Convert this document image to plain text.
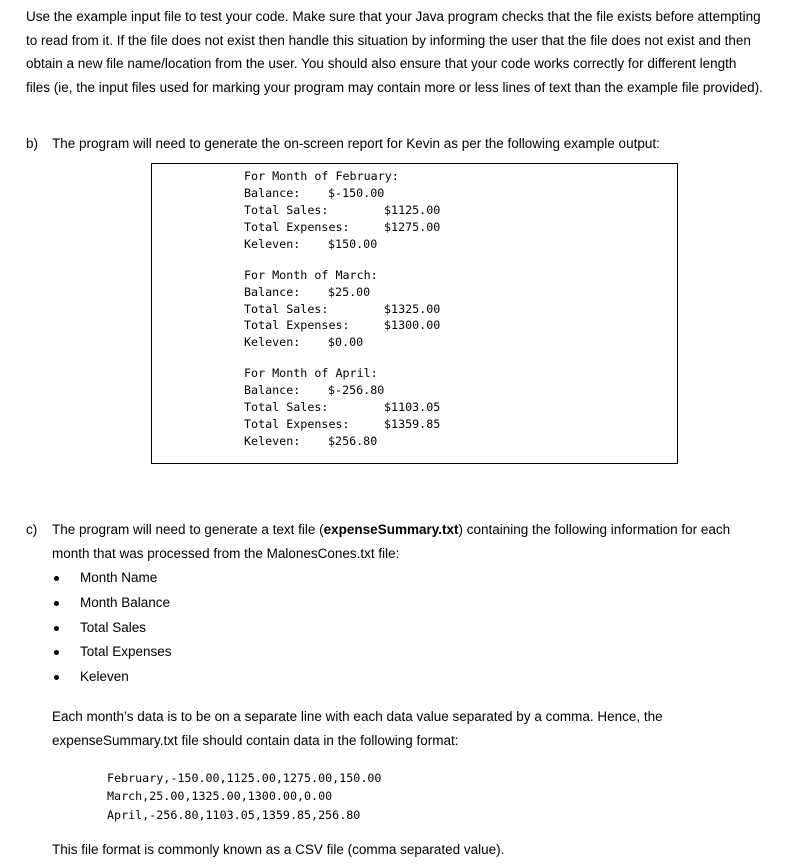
Use the example input file to test your code. Make sure that your Java program checks that the file exists before attempting
to read from it. If the file does not exist then handle this situation by informing the user that the file does not exist and then
obtain a new file name/location from the user. You should also ensure that your code works correctly for different length
files (ie, the input files used for marking your program may contain more or less lines of text than the example file provided).
b) The program will need to generate the on-screen report for Kevin as per the following example output:
For Month of February:
Balance: $-150.00
Total Sales:	$1125.00
Total Expenses:	$1275.00
Keleven: $150.00
For Month of March:
Balance: $25.00
Total Sales:	$1325.00
Total Expenses:	$1300.00
Keleven: $0.00
For Month of April:
Balance: $-256.80
Total Sales:	$1103.05
Total Expenses:	$1359.85
Keleven: $256.80
c) The program will need to generate a text file (expenseSummary.txt) containing the following information for each
month that was processed from the MalonesCones.txt file:
Month Name
Month Balance
Total Sales
Total Expenses
Keleven
Each month’s data is to be on a separate line with each data value separated by a comma. Hence, the
expenseSummary.txt file should contain data in the following format:
February,-150.00,1125.00,1275.00,150.00
March,25.00,1325.00,1300.00,0.00
April,-256.80,1103.05,1359.85,256.80
This file format is commonly known as a CSV file (comma separated value).
